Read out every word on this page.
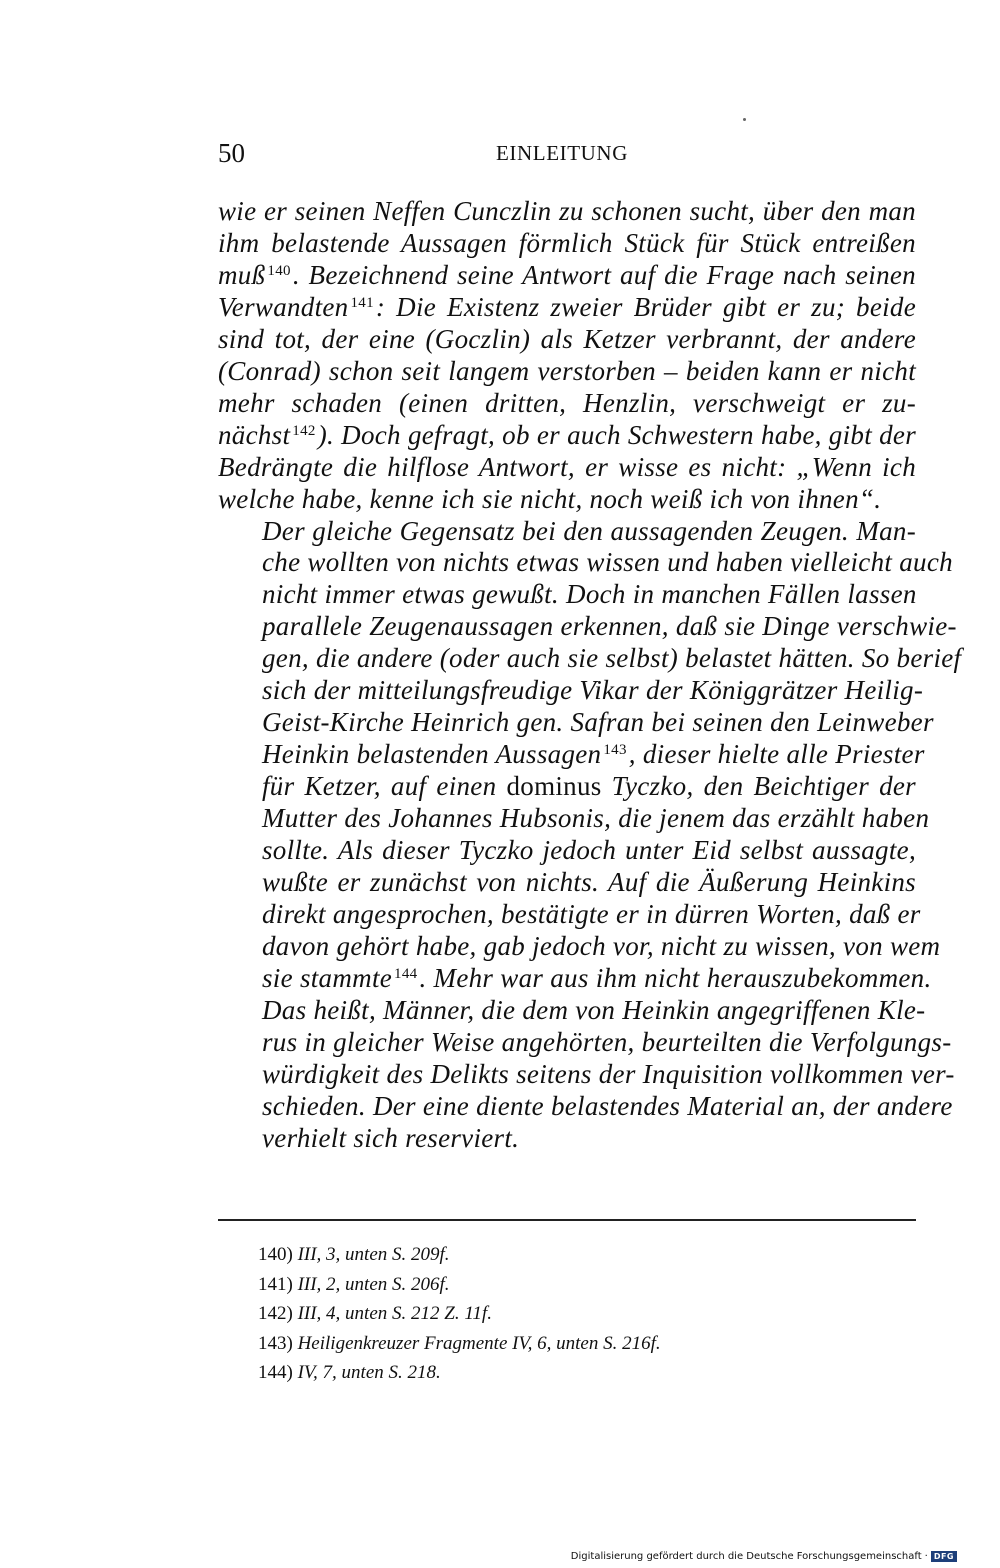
50	EINLEITUNG

wie er seinen Neffen Cunczlin zu schonen sucht, über den man
ihm belastende Aussagen förmlich Stück für Stück entreißen
muß $^{140}$. Bezeichnend seine Antwort auf die Frage nach seinen
Verwandten $^{141}$: Die Existenz zweier Brüder gibt er zu; beide
sind tot, der eine (Goczlin) als Ketzer verbrannt, der andere
(Conrad) schon seit langem verstorben – beiden kann er nicht
mehr schaden (einen dritten, Henzlin, verschweigt er zu-
nächst $^{142}$). Doch gefragt, ob er auch Schwestern habe, gibt der
Bedrängte die hilflose Antwort, er wisse es nicht: „Wenn ich
welche habe, kenne ich sie nicht, noch weiß ich von ihnen“.

Der gleiche Gegensatz bei den aussagenden Zeugen. Man-
che wollten von nichts etwas wissen und haben vielleicht auch
nicht immer etwas gewußt. Doch in manchen Fällen lassen
parallele Zeugenaussagen erkennen, daß sie Dinge verschwie-
gen, die andere (oder auch sie selbst) belastet hätten. So berief
sich der mitteilungsfreudige Vikar der Königgrätzer Heilig-
Geist-Kirche Heinrich gen. Safran bei seinen den Leinweber
Heinkin belastenden Aussagen $^{143}$, dieser hielte alle Priester
für Ketzer, auf einen dominus Tyczko, den Beichtiger der
Mutter des Johannes Hubsonis, die jenem das erzählt haben
sollte. Als dieser Tyczko jedoch unter Eid selbst aussagte,
wußte er zunächst von nichts. Auf die Äußerung Heinkins
direkt angesprochen, bestätigte er in dürren Worten, daß er
davon gehört habe, gab jedoch vor, nicht zu wissen, von wem
sie stammte $^{144}$. Mehr war aus ihm nicht herauszubekommen.
Das heißt, Männer, die dem von Heinkin angegriffenen Kle-
rus in gleicher Weise angehörten, beurteilten die Verfolgungs-
würdigkeit des Delikts seitens der Inquisition vollkommen ver-
schieden. Der eine diente belastendes Material an, der andere
verhielt sich reserviert.

140) III, 3, unten S. 209f.
141) III, 2, unten S. 206f.
142) III, 4, unten S. 212 Z. 11f.
143) Heiligenkreuzer Fragmente IV, 6, unten S. 216f.
144) IV, 7, unten S. 218.
Digitalisierung gefördert durch die Deutsche Forschungsgemeinschaft · DFG
